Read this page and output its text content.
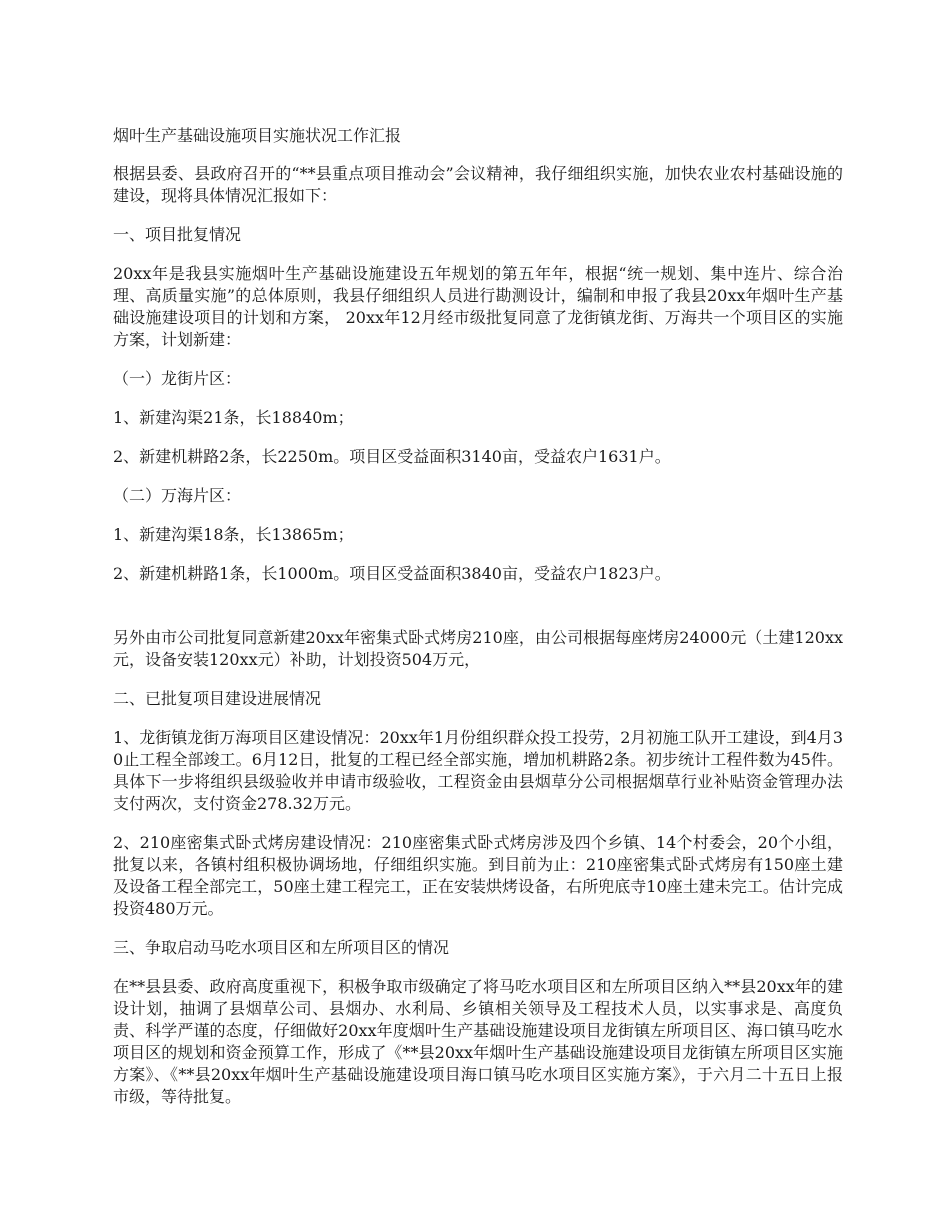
烟叶生产基础设施项目实施状况工作汇报

根据县委、县政府召开的“**县重点项目推动会”会议精神，我仔细组织实施，加快农业农村基础设施的建设，现将具体情况汇报如下：

一、项目批复情况

20xx年是我县实施烟叶生产基础设施建设五年规划的第五年年，根据“统一规划、集中连片、综合治理、高质量实施”的总体原则，我县仔细组织人员进行勘测设计，编制和申报了我县20xx年烟叶生产基础设施建设项目的计划和方案， 20xx年12月经市级批复同意了龙街镇龙街、万海共一个项目区的实施方案，计划新建：

（一）龙街片区：

1、新建沟渠21条，长18840m；

2、新建机耕路2条，长2250m。项目区受益面积3140亩，受益农户1631户。

（二）万海片区：

1、新建沟渠18条，长13865m；

2、新建机耕路1条，长1000m。项目区受益面积3840亩，受益农户1823户。

另外由市公司批复同意新建20xx年密集式卧式烤房210座，由公司根据每座烤房24000元（土建120xx元，设备安装120xx元）补助，计划投资504万元，

二、已批复项目建设进展情况

1、龙街镇龙街万海项目区建设情况：20xx年1月份组织群众投工投劳，2月初施工队开工建设，到4月30止工程全部竣工。6月12日，批复的工程已经全部实施，增加机耕路2条。初步统计工程件数为45件。具体下一步将组织县级验收并申请市级验收，工程资金由县烟草分公司根据烟草行业补贴资金管理办法支付两次，支付资金278.32万元。

2、210座密集式卧式烤房建设情况：210座密集式卧式烤房涉及四个乡镇、14个村委会，20个小组，批复以来，各镇村组积极协调场地，仔细组织实施。到目前为止：210座密集式卧式烤房有150座土建及设备工程全部完工，50座土建工程完工，正在安装烘烤设备，右所兜底寺10座土建未完工。估计完成投资480万元。

三、争取启动马吃水项目区和左所项目区的情况

在**县县委、政府高度重视下，积极争取市级确定了将马吃水项目区和左所项目区纳入**县20xx年的建设计划，抽调了县烟草公司、县烟办、水利局、乡镇相关领导及工程技术人员，以实事求是、高度负责、科学严谨的态度，仔细做好20xx年度烟叶生产基础设施建设项目龙街镇左所项目区、海口镇马吃水项目区的规划和资金预算工作，形成了《**县20xx年烟叶生产基础设施建设项目龙街镇左所项目区实施方案》、《**县20xx年烟叶生产基础设施建设项目海口镇马吃水项目区实施方案》，于六月二十五日上报市级，等待批复。
